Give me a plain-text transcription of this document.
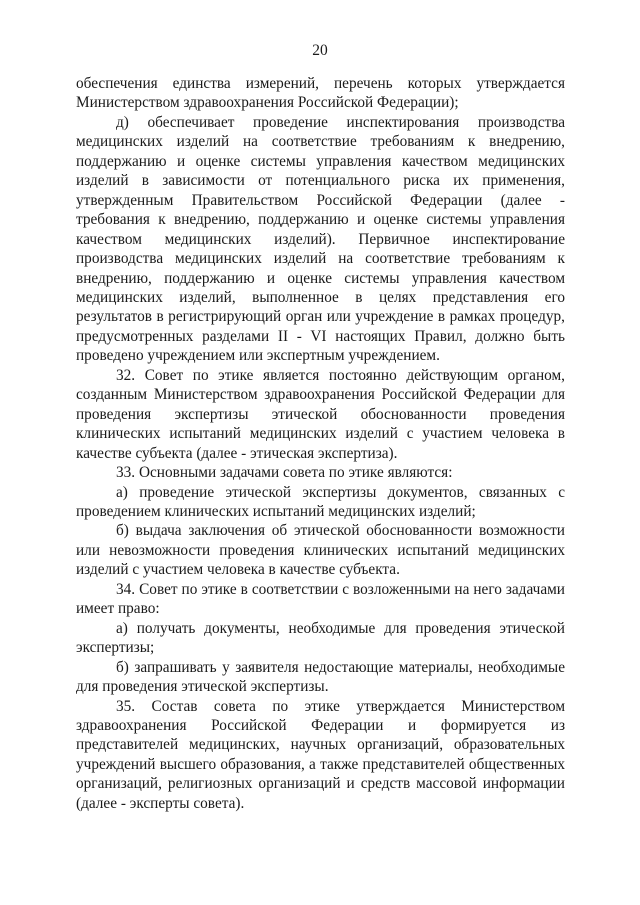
20

обеспечения единства измерений, перечень которых утверждается Министерством здравоохранения Российской Федерации);

д) обеспечивает проведение инспектирования производства медицинских изделий на соответствие требованиям к внедрению, поддержанию и оценке системы управления качеством медицинских изделий в зависимости от потенциального риска их применения, утвержденным Правительством Российской Федерации (далее - требования к внедрению, поддержанию и оценке системы управления качеством медицинских изделий). Первичное инспектирование производства медицинских изделий на соответствие требованиям к внедрению, поддержанию и оценке системы управления качеством медицинских изделий, выполненное в целях представления его результатов в регистрирующий орган или учреждение в рамках процедур, предусмотренных разделами II - VI настоящих Правил, должно быть проведено учреждением или экспертным учреждением.

32. Совет по этике является постоянно действующим органом, созданным Министерством здравоохранения Российской Федерации для проведения экспертизы этической обоснованности проведения клинических испытаний медицинских изделий с участием человека в качестве субъекта (далее - этическая экспертиза).

33. Основными задачами совета по этике являются:

а) проведение этической экспертизы документов, связанных с проведением клинических испытаний медицинских изделий;

б) выдача заключения об этической обоснованности возможности или невозможности проведения клинических испытаний медицинских изделий с участием человека в качестве субъекта.

34. Совет по этике в соответствии с возложенными на него задачами имеет право:

а) получать документы, необходимые для проведения этической экспертизы;

б) запрашивать у заявителя недостающие материалы, необходимые для проведения этической экспертизы.

35. Состав совета по этике утверждается Министерством здравоохранения Российской Федерации и формируется из представителей медицинских, научных организаций, образовательных учреждений высшего образования, а также представителей общественных организаций, религиозных организаций и средств массовой информации (далее - эксперты совета).
